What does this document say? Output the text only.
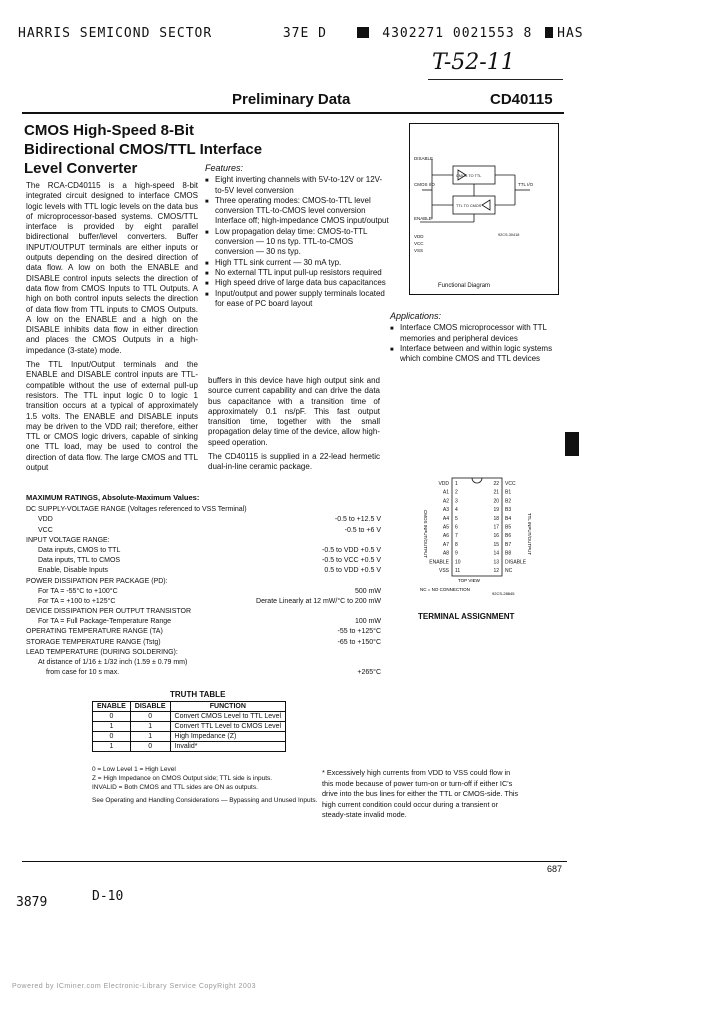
HARRIS SEMICOND SECTOR	37E D	4302271 0021553 8 HAS
T-52-11
Preliminary Data	CD40115
CMOS High-Speed 8-Bit
Bidirectional CMOS/TTL Interface
Level Converter

The RCA-CD40115 is a high-speed 8-bit integrated circuit designed to interface CMOS logic levels with TTL logic levels on the data bus of microprocessor-based systems. CMOS/TTL interface is provided by eight parallel bidirectional buffer/level converters. Buffer INPUT/OUTPUT terminals are either inputs or outputs depending on the desired direction of data flow. A low on both the ENABLE and DISABLE control inputs selects the direction of data flow from CMOS Inputs to TTL Outputs. A high on both control inputs selects the direction of data flow from TTL inputs to CMOS Outputs. A low on the ENABLE and a high on the DISABLE inhibits data flow in either direction and places the CMOS Outputs in a high-impedance (3-state) mode.

The TTL Input/Output terminals and the ENABLE and DISABLE control inputs are TTL-compatible without the use of external pull-up resistors. The TTL input logic 0 to logic 1 transition occurs at a typical of approximately 1.5 volts. The ENABLE and DISABLE inputs may be driven to the VDD rail; therefore, either TTL or CMOS logic drivers, capable of sinking one TTL load, may be used to control the direction of data flow. The large CMOS and TTL output

Features:
■ Eight inverting channels with 5V-to-12V or 12V-to-5V level conversion
■ Three operating modes: CMOS-to-TTL level conversion TTL-to-CMOS level conversion Interface off; high-impedance CMOS input/output
■ Low propagation delay time: CMOS-to-TTL conversion — 10 ns typ. TTL-to-CMOS conversion — 30 ns typ.
■ High TTL sink current — 30 mA typ.
■ No external TTL input pull-up resistors required
■ High speed drive of large data bus capacitances
■ Input/output and power supply terminals located for ease of PC board layout

buffers in this device have high output sink and source current capability and can drive the data bus capacitance with a transition time of approximately 0.1 ns/pF. This fast output transition time, together with the small propagation delay time of the device, allow high-speed operation.

The CD40115 is supplied in a 22-lead hermetic dual-in-line ceramic package.

DISABLE
CMOS I/O	TTL I/O
ENABLE
VDD
VCC
VSS
CMOS TO TTL
TTL TO CMOS
92CS-30418
Functional Diagram
Applications:
■ Interface CMOS microprocessor with TTL memories and peripheral devices
■ Interface between and within logic systems which combine CMOS and TTL devices
MAXIMUM RATINGS, Absolute-Maximum Values:
DC SUPPLY-VOLTAGE RANGE (Voltages referenced to VSS Terminal)
VDD	-0.5 to +12.5 V
VCC	-0.5 to +6 V
INPUT VOLTAGE RANGE:
Data inputs, CMOS to TTL	-0.5 to VDD +0.5 V
Data inputs, TTL to CMOS	-0.5 to VCC +0.5 V
Enable, Disable Inputs	0.5 to VDD +0.5 V
POWER DISSIPATION PER PACKAGE (PD):
For TA = -55°C to +100°C	500 mW
For TA = +100 to +125°C	Derate Linearly at 12 mW/°C to 200 mW
DEVICE DISSIPATION PER OUTPUT TRANSISTOR
For TA = Full Package-Temperature Range	100 mW
OPERATING TEMPERATURE RANGE (TA)	-55 to +125°C
STORAGE TEMPERATURE RANGE (Tstg)	-65 to +150°C
LEAD TEMPERATURE (DURING SOLDERING):
At distance of 1/16 ± 1/32 inch (1.59 ± 0.79 mm)
from case for 10 s max.	+265°C
VDD 1	22 VCC
A1 2	21 B1
A2 3	20 B2
A3 4	19 B3
A4 5	18 B4
A5 6	17 B5
A6 7	16 B6
A7 8	15 B7
A8 9	14 B8
ENABLE 10	13 DISABLE
VSS 11	12 NC
CMOS INPUT/OUTPUT	TTL INPUT/OUTPUT
TOP VIEW
NC = NO CONNECTION
92CS-28845
TERMINAL ASSIGNMENT
TRUTH TABLE
ENABLE	DISABLE	FUNCTION
0	0	Convert CMOS Level to TTL Level
1	1	Convert TTL Level to CMOS Level
0	1	High Impedance (Z)
1	0	Invalid*
0 = Low Level 1 = High Level
Z = High Impedance on CMOS Output side; TTL side is inputs.
INVALID = Both CMOS and TTL sides are ON as outputs.
See Operating and Handling Considerations — Bypassing and Unused Inputs.
* Excessively high currents from VDD to VSS could flow in this mode because of power turn-on or turn-off if either IC's drive into the bus lines for either the TTL or CMOS-side. This high current condition could occur during a transient or steady-state invalid mode.
687
3879	D-10
Powered by ICminer.com Electronic-Library Service CopyRight 2003
